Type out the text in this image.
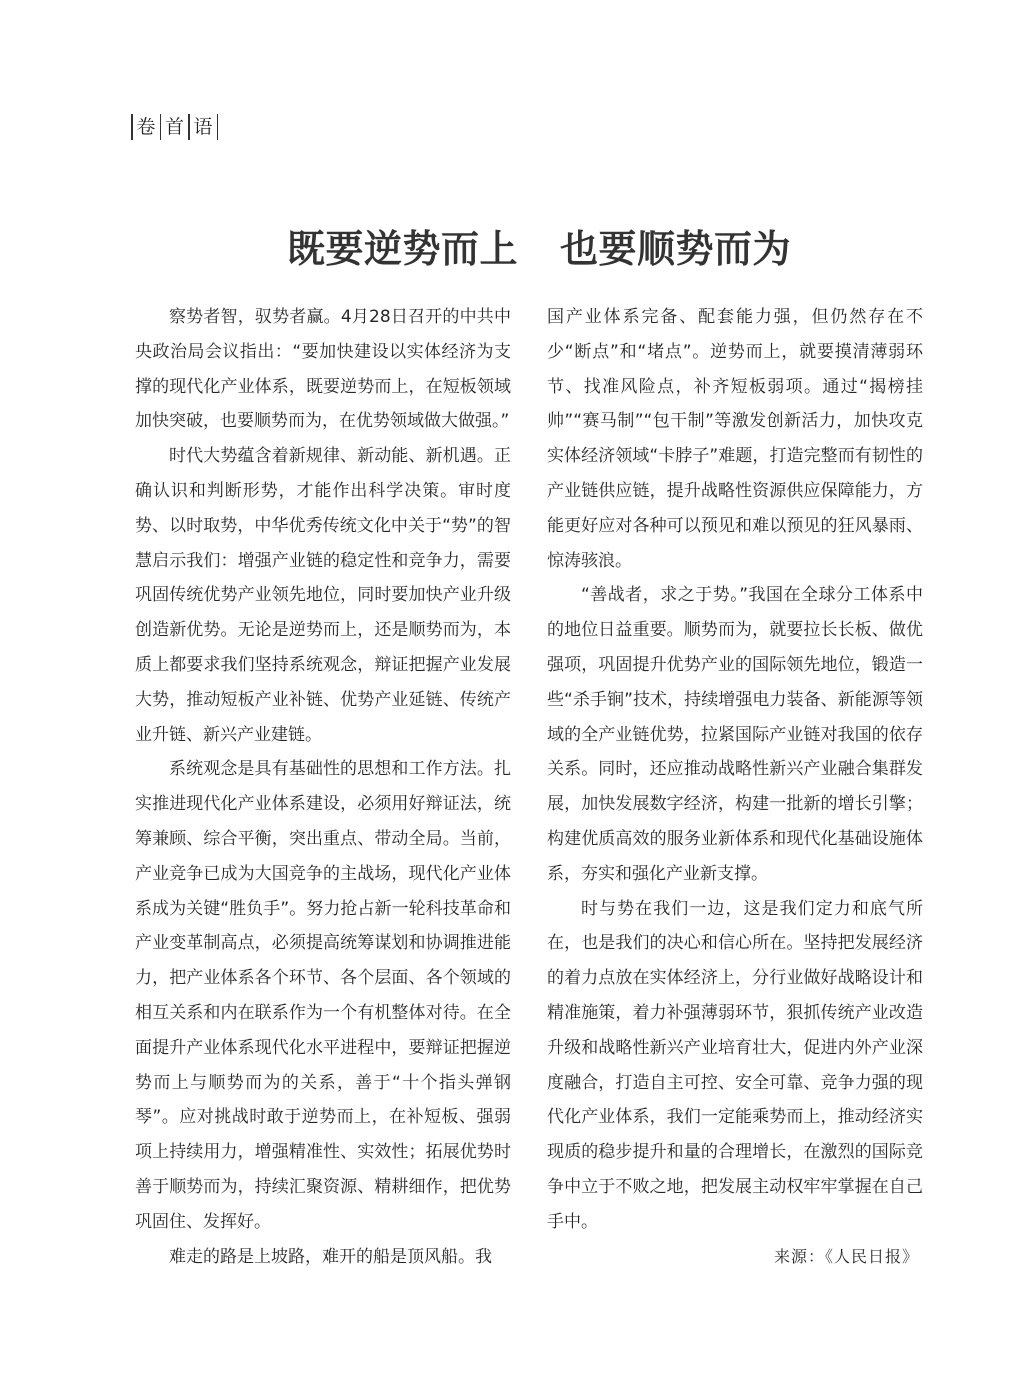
卷 首 语
既要逆势而上 也要顺势而为

察势者智，驭势者赢。4月28日召开的中共中央政治局会议指出：“要加快建设以实体经济为支撑的现代化产业体系，既要逆势而上，在短板领域加快突破，也要顺势而为，在优势领域做大做强。”

时代大势蕴含着新规律、新动能、新机遇。正确认识和判断形势，才能作出科学决策。审时度势、以时取势，中华优秀传统文化中关于“势”的智慧启示我们：增强产业链的稳定性和竞争力，需要巩固传统优势产业领先地位，同时要加快产业升级创造新优势。无论是逆势而上，还是顺势而为，本质上都要求我们坚持系统观念，辩证把握产业发展大势，推动短板产业补链、优势产业延链、传统产业升链、新兴产业建链。

系统观念是具有基础性的思想和工作方法。扎实推进现代化产业体系建设，必须用好辩证法，统筹兼顾、综合平衡，突出重点、带动全局。当前，产业竞争已成为大国竞争的主战场，现代化产业体系成为关键“胜负手”。努力抢占新一轮科技革命和产业变革制高点，必须提高统筹谋划和协调推进能力，把产业体系各个环节、各个层面、各个领域的相互关系和内在联系作为一个有机整体对待。在全面提升产业体系现代化水平进程中，要辩证把握逆势而上与顺势而为的关系，善于“十个指头弹钢琴”。应对挑战时敢于逆势而上，在补短板、强弱项上持续用力，增强精准性、实效性；拓展优势时善于顺势而为，持续汇聚资源、精耕细作，把优势巩固住、发挥好。

难走的路是上坡路，难开的船是顶风船。我

国产业体系完备、配套能力强，但仍然存在不少“断点”和“堵点”。逆势而上，就要摸清薄弱环节、找准风险点，补齐短板弱项。通过“揭榜挂帅”“赛马制”“包干制”等激发创新活力，加快攻克实体经济领域“卡脖子”难题，打造完整而有韧性的产业链供应链，提升战略性资源供应保障能力，方能更好应对各种可以预见和难以预见的狂风暴雨、惊涛骇浪。

“善战者，求之于势。”我国在全球分工体系中的地位日益重要。顺势而为，就要拉长长板、做优强项，巩固提升优势产业的国际领先地位，锻造一些“杀手锏”技术，持续增强电力装备、新能源等领域的全产业链优势，拉紧国际产业链对我国的依存关系。同时，还应推动战略性新兴产业融合集群发展，加快发展数字经济，构建一批新的增长引擎；构建优质高效的服务业新体系和现代化基础设施体系，夯实和强化产业新支撑。

时与势在我们一边，这是我们定力和底气所在，也是我们的决心和信心所在。坚持把发展经济的着力点放在实体经济上，分行业做好战略设计和精准施策，着力补强薄弱环节，狠抓传统产业改造升级和战略性新兴产业培育壮大，促进内外产业深度融合，打造自主可控、安全可靠、竞争力强的现代化产业体系，我们一定能乘势而上，推动经济实现质的稳步提升和量的合理增长，在激烈的国际竞争中立于不败之地，把发展主动权牢牢掌握在自己手中。

来源：《人民日报》
